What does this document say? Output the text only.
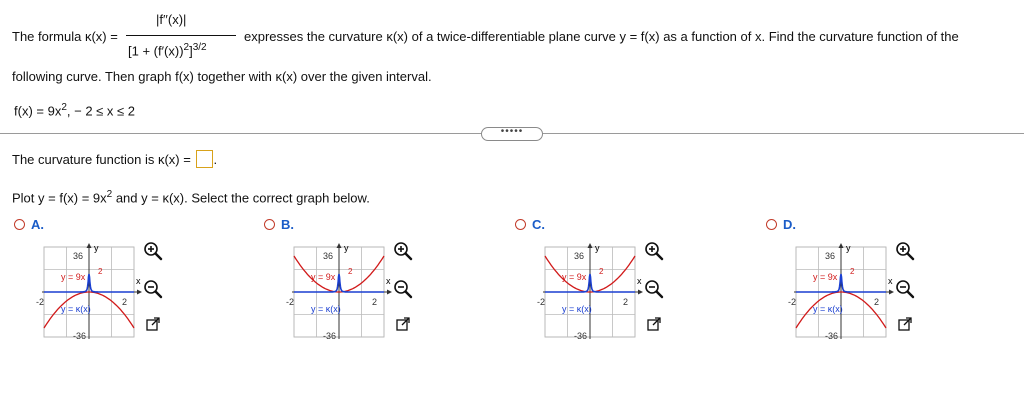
The formula κ(x) =
|f′′(x)|
$[1 + (f'(x))^2]^{3/2}$
expresses the curvature κ(x) of a twice-differentiable plane curve y = f(x) as a function of x. Find the curvature function of the
following curve. Then graph f(x) together with κ(x) over the given interval.
$f(x) = 9x^2$, − 2 ≤ x ≤ 2
•••••
The curvature function is κ(x) = .
Plot $y = f(x) = 9x^2$ and y = κ(x). Select the correct graph below.
A.
y
36
-36
x
-2	2
y = 9x
2
y = κ(x)
B.
y
36
-36
x
-2	2
y = 9x
2
y = κ(x)
C.
y
36
-36
x
-2	2
y = 9x
2
y = κ(x)
D.
y
36
-36
x
-2	2
y = 9x
2
y = κ(x)
